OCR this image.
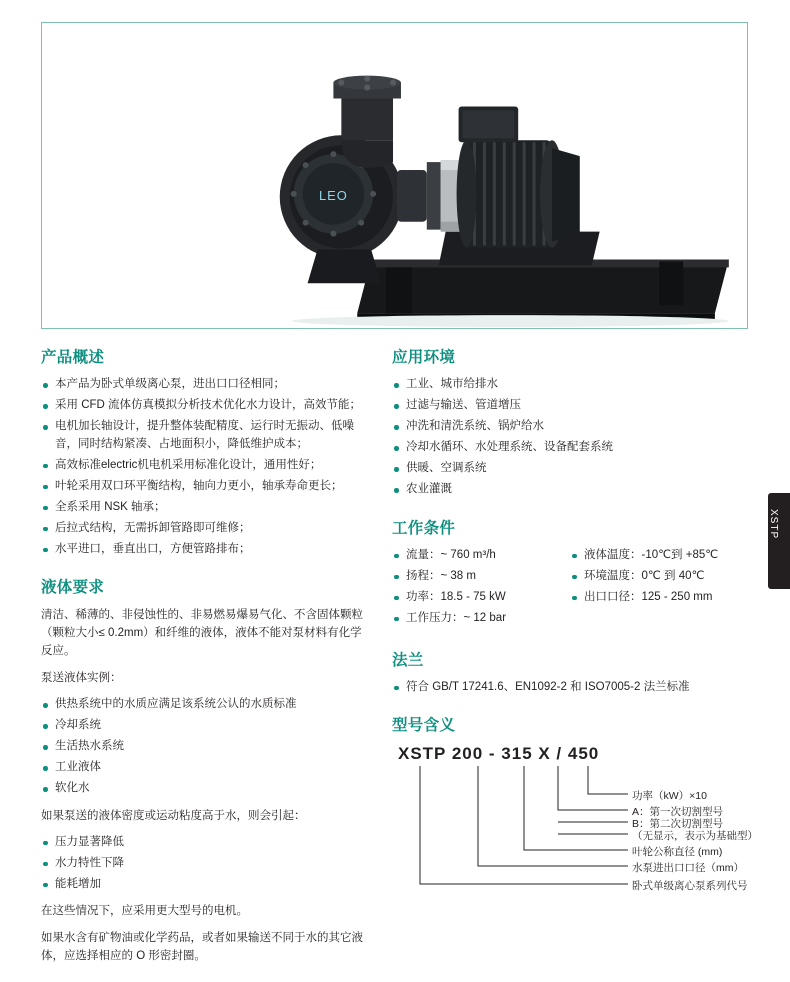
LEO
XSTP
产品概述
本产品为卧式单级离心泵，进出口口径相同；
采用 CFD 流体仿真模拟分析技术优化水力设计，高效节能；
电机加长轴设计，提升整体装配精度、运行时无振动、低噪音，同时结构紧凑、占地面积小，降低维护成本；
高效标准electric机电机采用标准化设计，通用性好；
叶轮采用双口环平衡结构，轴向力更小，轴承寿命更长；
全系采用 NSK 轴承；
后拉式结构，无需拆卸管路即可维修；
水平进口，垂直出口，方便管路排布；
液体要求

清洁、稀薄的、非侵蚀性的、非易燃易爆易气化、不含固体颗粒（颗粒大小≤ 0.2mm）和纤维的液体，液体不能对泵材料有化学反应。

泵送液体实例：

供热系统中的水质应满足该系统公认的水质标准
冷却系统
生活热水系统
工业液体
软化水

如果泵送的液体密度或运动粘度高于水，则会引起：

压力显著降低
水力特性下降
能耗增加

在这些情况下，应采用更大型号的电机。

如果水含有矿物油或化学药品，或者如果输送不同于水的其它液体，应选择相应的 O 形密封圈。

应用环境
工业、城市给排水
过滤与输送、管道增压
冲洗和清洗系统、锅炉给水
冷却水循环、水处理系统、设备配套系统
供暖、空调系统
农业灌溉
工作条件
流量：~ 760 m³/h
扬程：~ 38 m
功率：18.5 - 75 kW
工作压力：~ 12 bar
液体温度：-10℃到 +85℃
环境温度：0℃ 到 40℃
出口口径：125 - 250 mm
法兰
符合 GB/T 17241.6、EN1092-2 和 ISO7005-2 法兰标准
型号含义
XSTP 200 - 315 X / 450
功率（kW）×10
A：第一次切割型号
B：第二次切割型号
（无显示，表示为基础型）
叶轮公称直径 (mm)
水泵进出口口径（mm）
卧式单级离心泵系列代号
